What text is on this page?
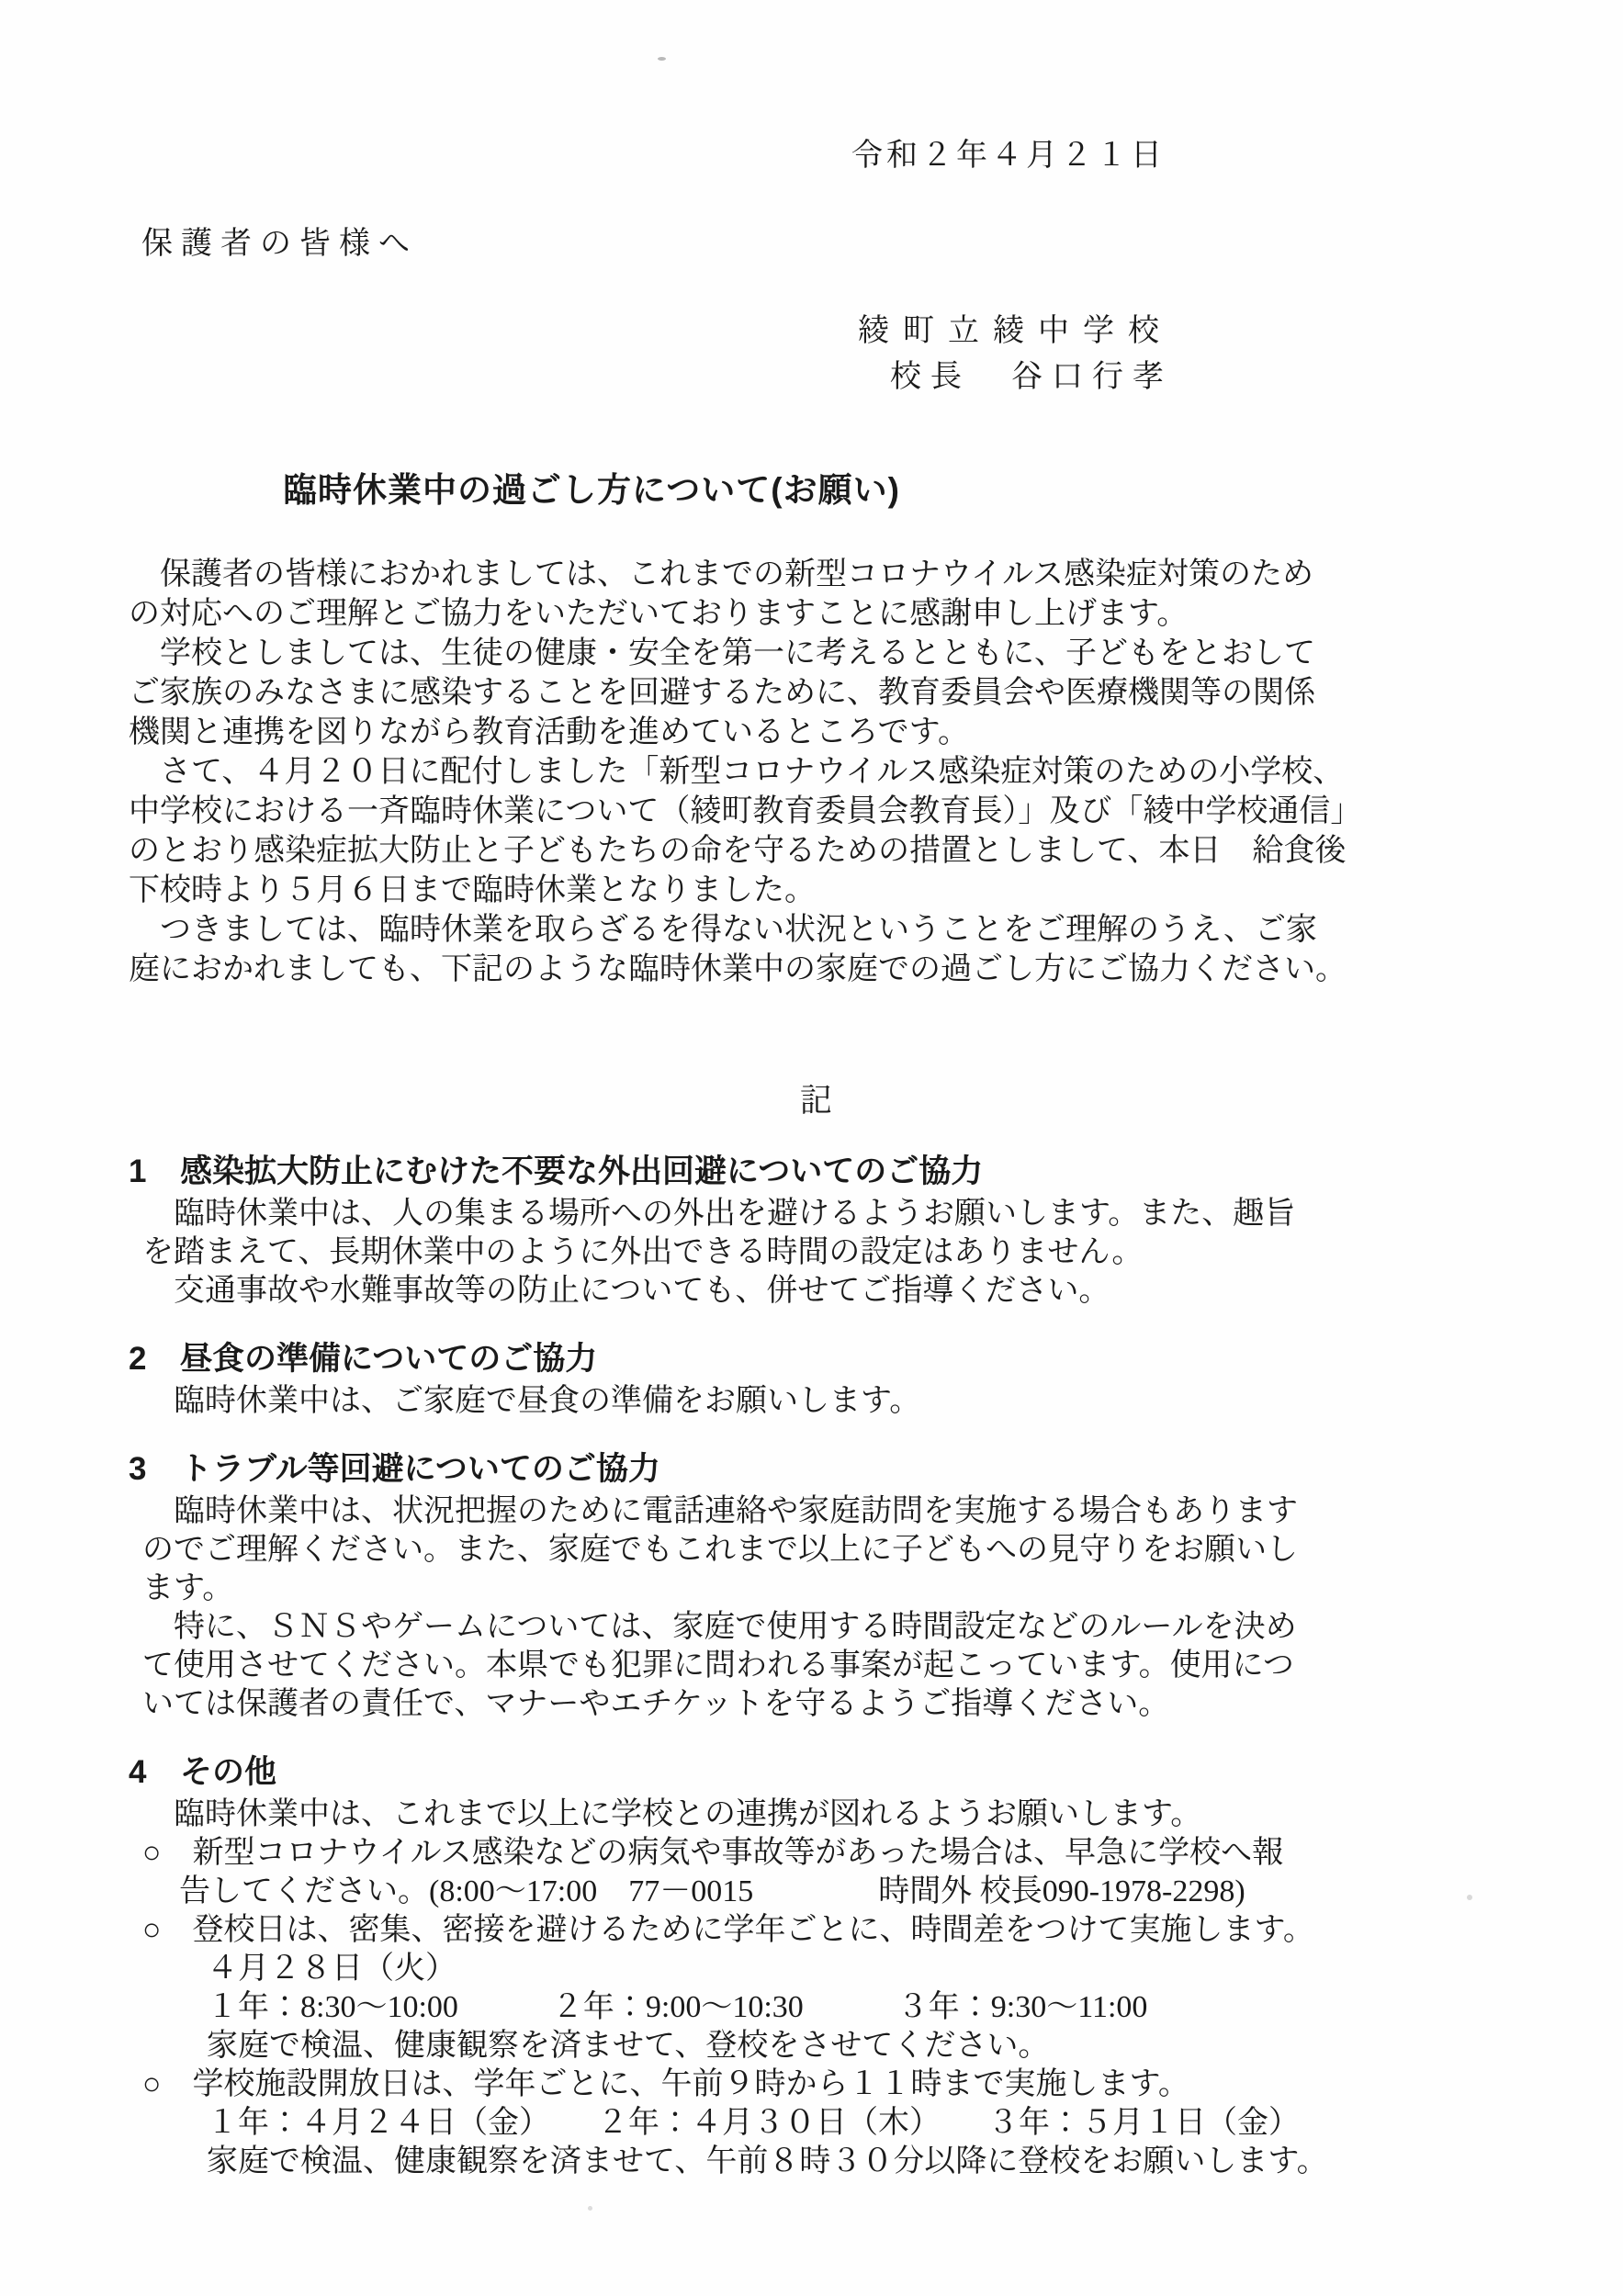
令和２年４月２１日
保護者の皆様へ
綾町立綾中学校
校長　谷口行孝
臨時休業中の過ごし方について(お願い)
　保護者の皆様におかれましては、これまでの新型コロナウイルス感染症対策のため
の対応へのご理解とご協力をいただいておりますことに感謝申し上げます。
　学校としましては、生徒の健康・安全を第一に考えるとともに、子どもをとおして
ご家族のみなさまに感染することを回避するために、教育委員会や医療機関等の関係
機関と連携を図りながら教育活動を進めているところです。
　さて、４月２０日に配付しました「新型コロナウイルス感染症対策のための小学校、
中学校における一斉臨時休業について（綾町教育委員会教育長）」及び「綾中学校通信」
のとおり感染症拡大防止と子どもたちの命を守るための措置としまして、本日　給食後
下校時より５月６日まで臨時休業となりました。
　つきましては、臨時休業を取らざるを得ない状況ということをご理解のうえ、ご家
庭におかれましても、下記のような臨時休業中の家庭での過ごし方にご協力ください。
記
1 感染拡大防止にむけた不要な外出回避についてのご協力
　臨時休業中は、人の集まる場所への外出を避けるようお願いします。また、趣旨
を踏まえて、長期休業中のように外出できる時間の設定はありません。
　交通事故や水難事故等の防止についても、併せてご指導ください。
2 昼食の準備についてのご協力
　臨時休業中は、ご家庭で昼食の準備をお願いします。
3 トラブル等回避についてのご協力
　臨時休業中は、状況把握のために電話連絡や家庭訪問を実施する場合もあります
のでご理解ください。また、家庭でもこれまで以上に子どもへの見守りをお願いし
ます。
　特に、ＳＮＳやゲームについては、家庭で使用する時間設定などのルールを決め
て使用させてください。本県でも犯罪に問われる事案が起こっています。使用につ
いては保護者の責任で、マナーやエチケットを守るようご指導ください。
4 その他
　臨時休業中は、これまで以上に学校との連携が図れるようお願いします。
○　新型コロナウイルス感染などの病気や事故等があった場合は、早急に学校へ報
告してください。(8:00～17:00　77－0015　　　　時間外 校長090-1978-2298)
○　登校日は、密集、密接を避けるために学年ごとに、時間差をつけて実施します。
４月２８日（火）
１年：8:30～10:00　　　２年：9:00～10:30　　　３年：9:30～11:00
家庭で検温、健康観察を済ませて、登校をさせてください。
○　学校施設開放日は、学年ごとに、午前９時から１１時まで実施します。
１年：４月２４日（金）　　２年：４月３０日（木）　　３年：５月１日（金）
家庭で検温、健康観察を済ませて、午前８時３０分以降に登校をお願いします。
